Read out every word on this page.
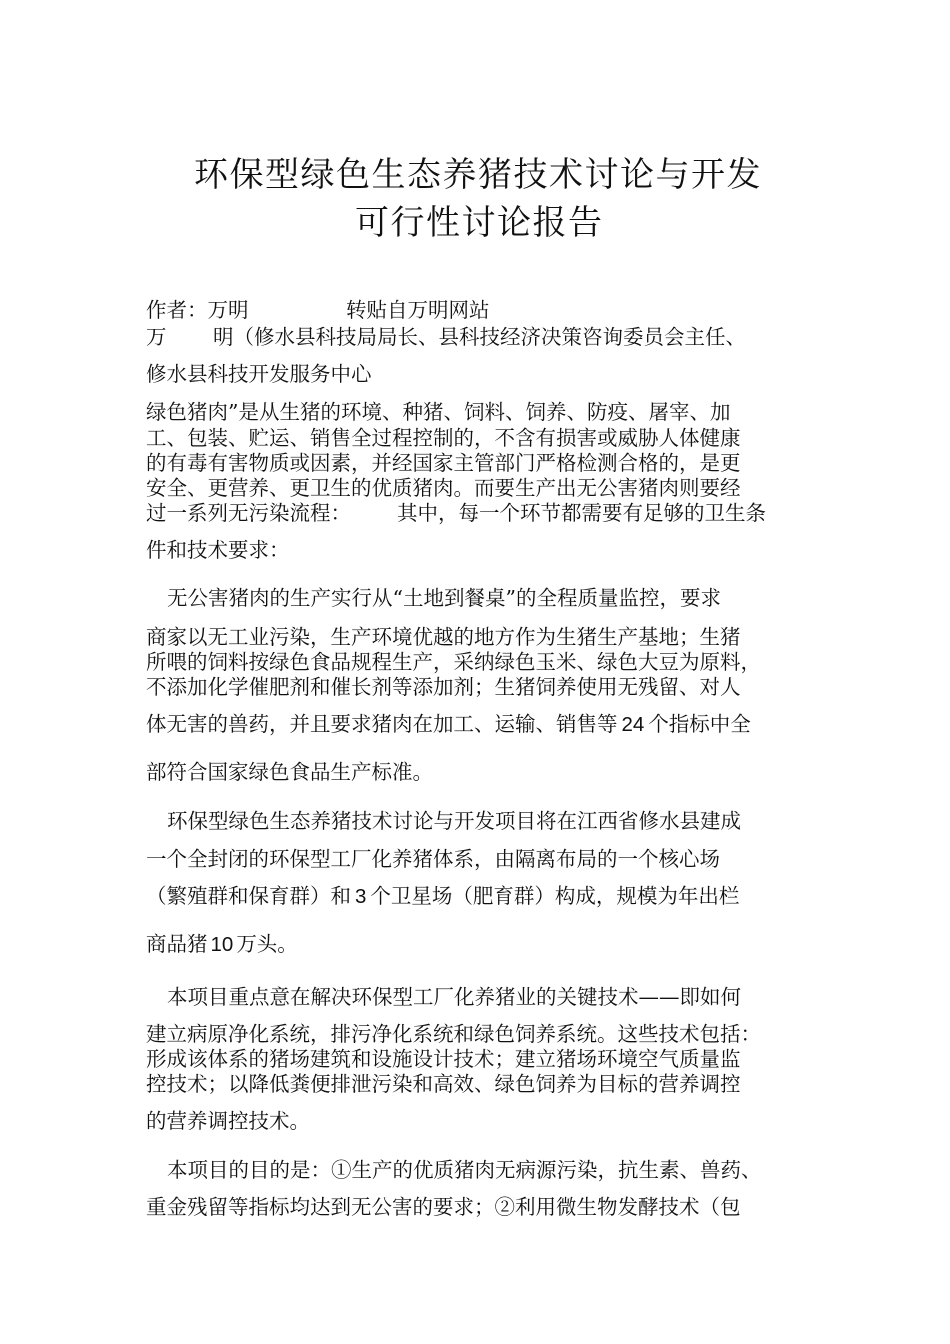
环保型绿色生态养猪技术讨论与开发
可行性讨论报告
作者：万明	转贴自万明网站
万 明（修水县科技局局长、县科技经济决策咨询委员会主任、
修水县科技开发服务中心
绿色猪肉”是从生猪的环境、种猪、饲料、饲养、防疫、屠宰、加
工、包装、贮运、销售全过程控制的，不含有损害或威胁人体健康
的有毒有害物质或因素，并经国家主管部门严格检测合格的，是更
安全、更营养、更卫生的优质猪肉。而要生产出无公害猪肉则要经
过一系列无污染流程： 其中，每一个环节都需要有足够的卫生条
件和技术要求：
无公害猪肉的生产实行从“土地到餐桌”的全程质量监控，要求
商家以无工业污染，生产环境优越的地方作为生猪生产基地；生猪
所喂的饲料按绿色食品规程生产，采纳绿色玉米、绿色大豆为原料，
不添加化学催肥剂和催长剂等添加剂；生猪饲养使用无残留、对人
体无害的兽药，并且要求猪肉在加工、运输、销售等 24 个指标中全
部符合国家绿色食品生产标准。
环保型绿色生态养猪技术讨论与开发项目将在江西省修水县建成
一个全封闭的环保型工厂化养猪体系，由隔离布局的一个核心场
（繁殖群和保育群）和 3 个卫星场（肥育群）构成，规模为年出栏
商品猪 10 万头。
本项目重点意在解决环保型工厂化养猪业的关键技术——即如何
建立病原净化系统，排污净化系统和绿色饲养系统。这些技术包括：
形成该体系的猪场建筑和设施设计技术；建立猪场环境空气质量监
控技术；以降低粪便排泄污染和高效、绿色饲养为目标的营养调控
的营养调控技术。
本项目的目的是：①生产的优质猪肉无病源污染，抗生素、兽药、
重金残留等指标均达到无公害的要求；②利用微生物发酵技术（包
